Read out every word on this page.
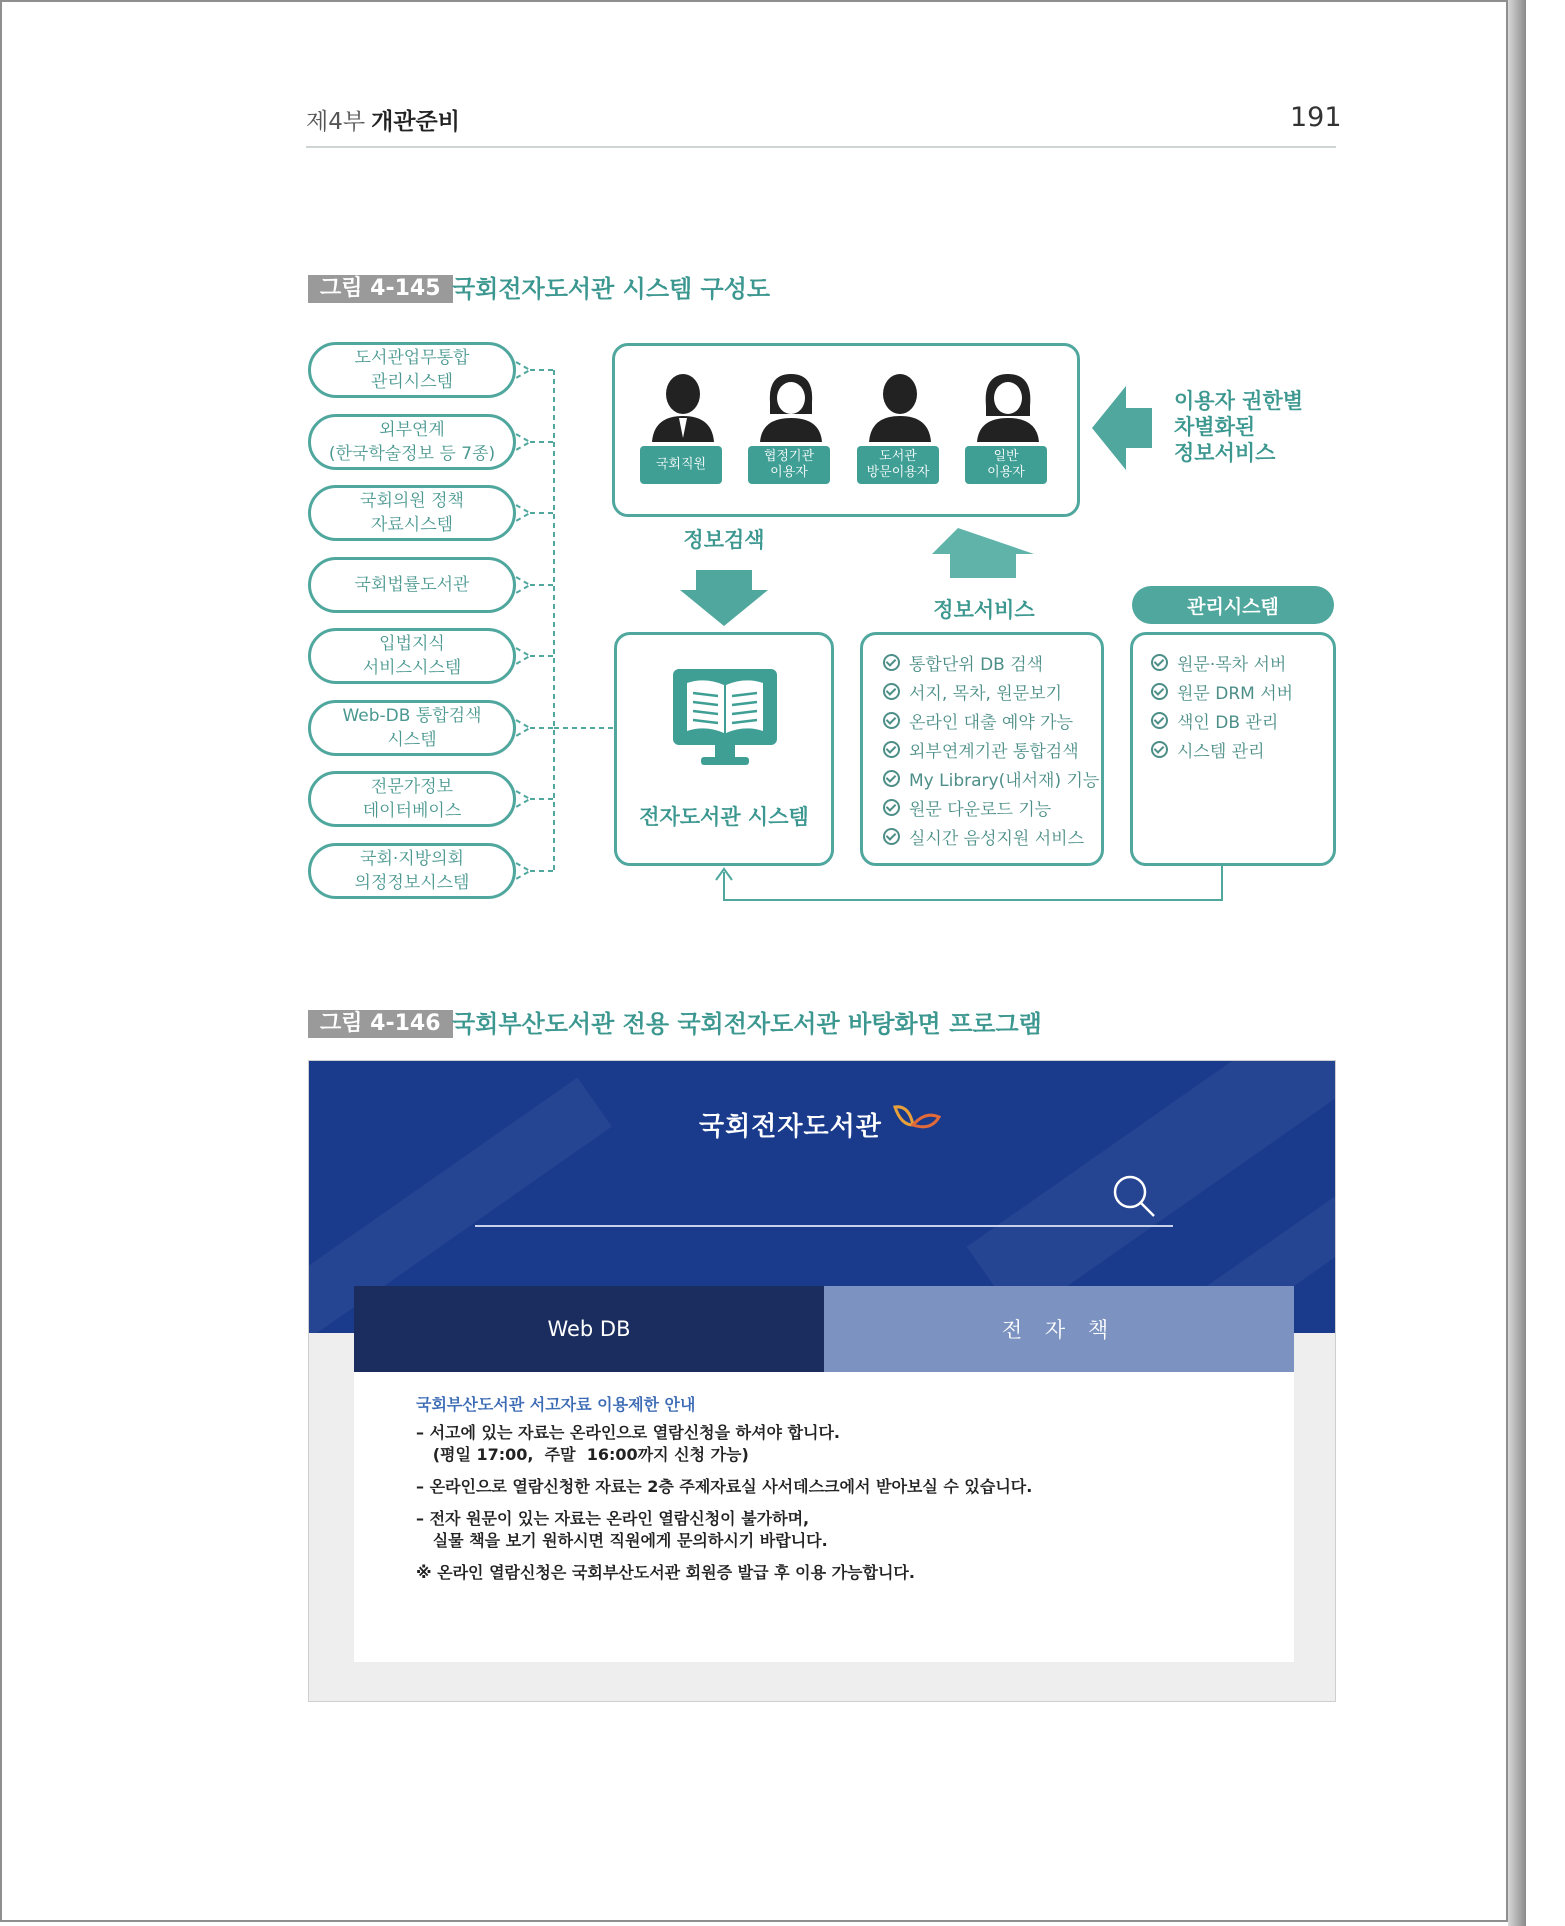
제4부 개관준비	191
그림 4-145 국회전자도서관 시스템 구성도
도서관업무통합
관리시스템
외부연계
(한국학술정보 등 7종)
국회의원 정책
자료시스템
국회법률도서관
입법지식
서비스시스템
Web-DB 통합검색
시스템
전문가정보
데이터베이스
국회·지방의회
의정정보시스템
국회직원
협정기관
이용자
도서관
방문이용자
일반
이용자
이용자 권한별
차별화된
정보서비스
정보검색
정보서비스	관리시스템
전자도서관 시스템
통합단위 DB 검색
서지, 목차, 원문보기
온라인 대출 예약 가능
외부연계기관 통합검색
My Library(내서재) 기능
원문 다운로드 기능
실시간 음성지원 서비스
원문·목차 서버
원문 DRM 서버
색인 DB 관리
시스템 관리
그림 4-146 국회부산도서관 전용 국회전자도서관 바탕화면 프로그램
국회전자도서관
Web DB	전 자 책
국회부산도서관 서고자료 이용제한 안내
– 서고에 있는 자료는 온라인으로 열람신청을 하셔야 합니다.
(평일 17:00,  주말  16:00까지 신청 가능)
– 온라인으로 열람신청한 자료는 2층 주제자료실 사서데스크에서 받아보실 수 있습니다.
– 전자 원문이 있는 자료는 온라인 열람신청이 불가하며,
실물 책을 보기 원하시면 직원에게 문의하시기 바랍니다.
※ 온라인 열람신청은 국회부산도서관 회원증 발급 후 이용 가능합니다.
